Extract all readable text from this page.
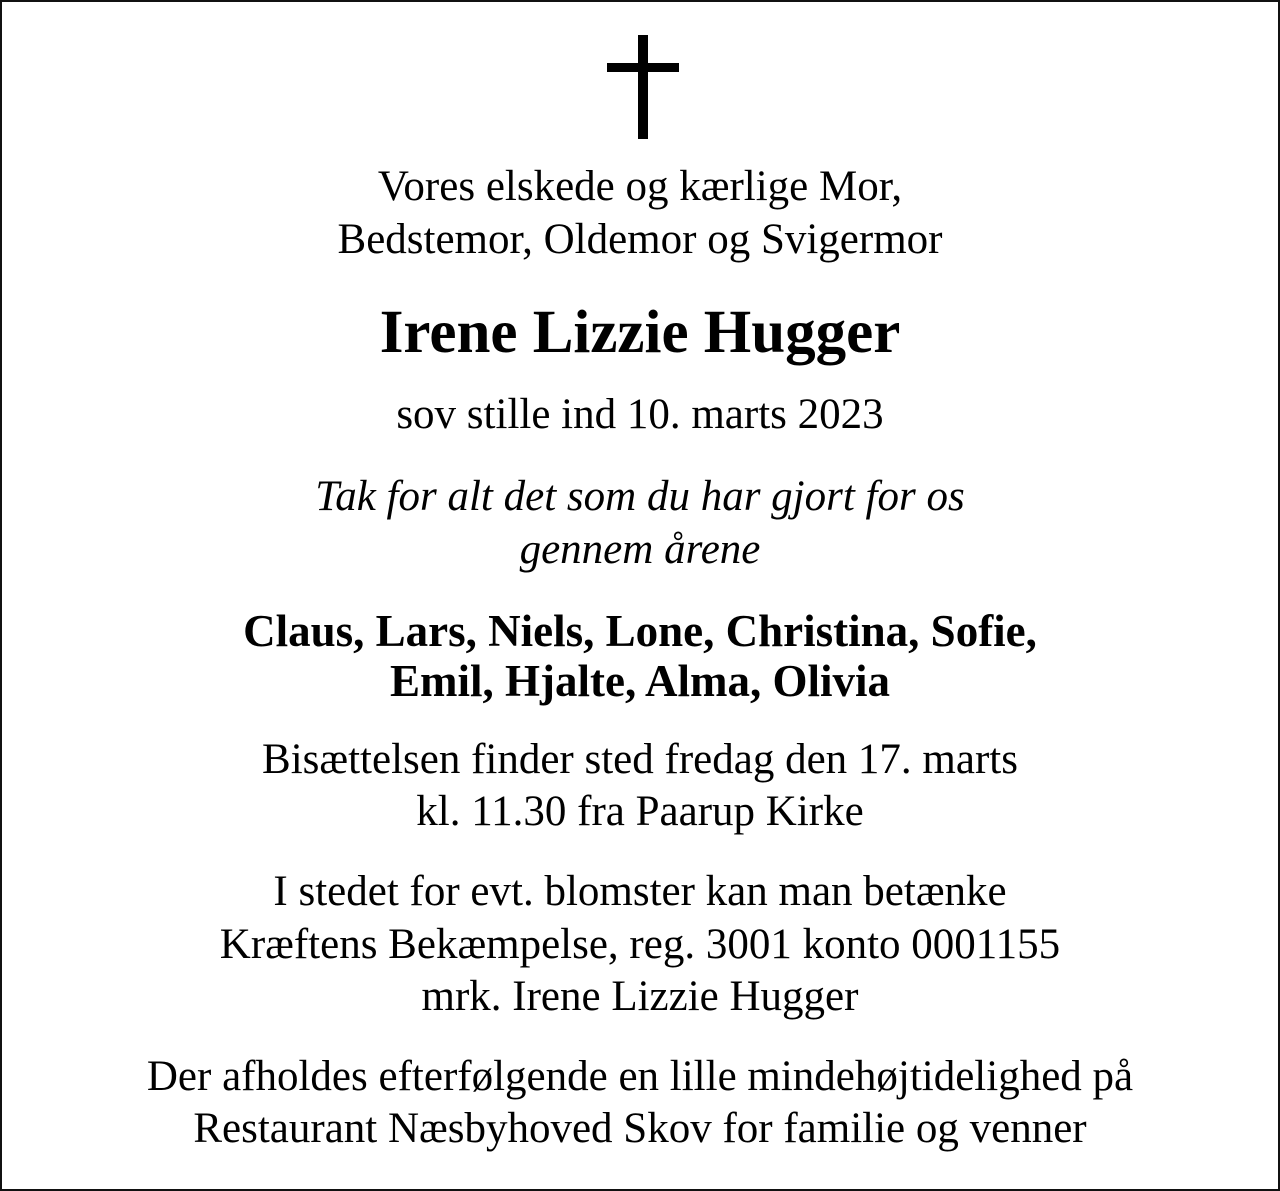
Vores elskede og kærlige Mor,

Bedstemor, Oldemor og Svigermor

Irene Lizzie Hugger

sov stille ind 10. marts 2023

Tak for alt det som du har gjort for os

gennem årene

Claus, Lars, Niels, Lone, Christina, Sofie,

Emil, Hjalte, Alma, Olivia

Bisættelsen finder sted fredag den 17. marts

kl. 11.30 fra Paarup Kirke

I stedet for evt. blomster kan man betænke

Kræftens Bekæmpelse, reg. 3001 konto 0001155

mrk. Irene Lizzie Hugger

Der afholdes efterfølgende en lille mindehøjtidelighed på

Restaurant Næsbyhoved Skov for familie og venner
